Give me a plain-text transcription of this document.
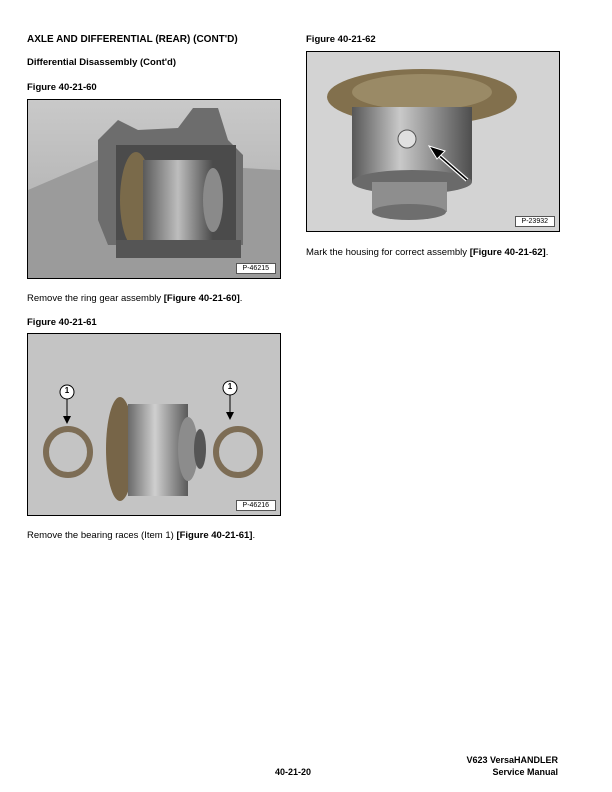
AXLE AND DIFFERENTIAL (REAR) (CONT'D)
Differential Disassembly (Cont'd)
Figure 40-21-60
P-46215
Remove the ring gear assembly [Figure 40-21-60].
Figure 40-21-61
1	1
P-46216
Remove the bearing races (Item 1) [Figure 40-21-61].
Figure 40-21-62
P-23932
Mark the housing for correct assembly [Figure 40-21-62].
40-21-20
V623 VersaHANDLER
Service Manual
